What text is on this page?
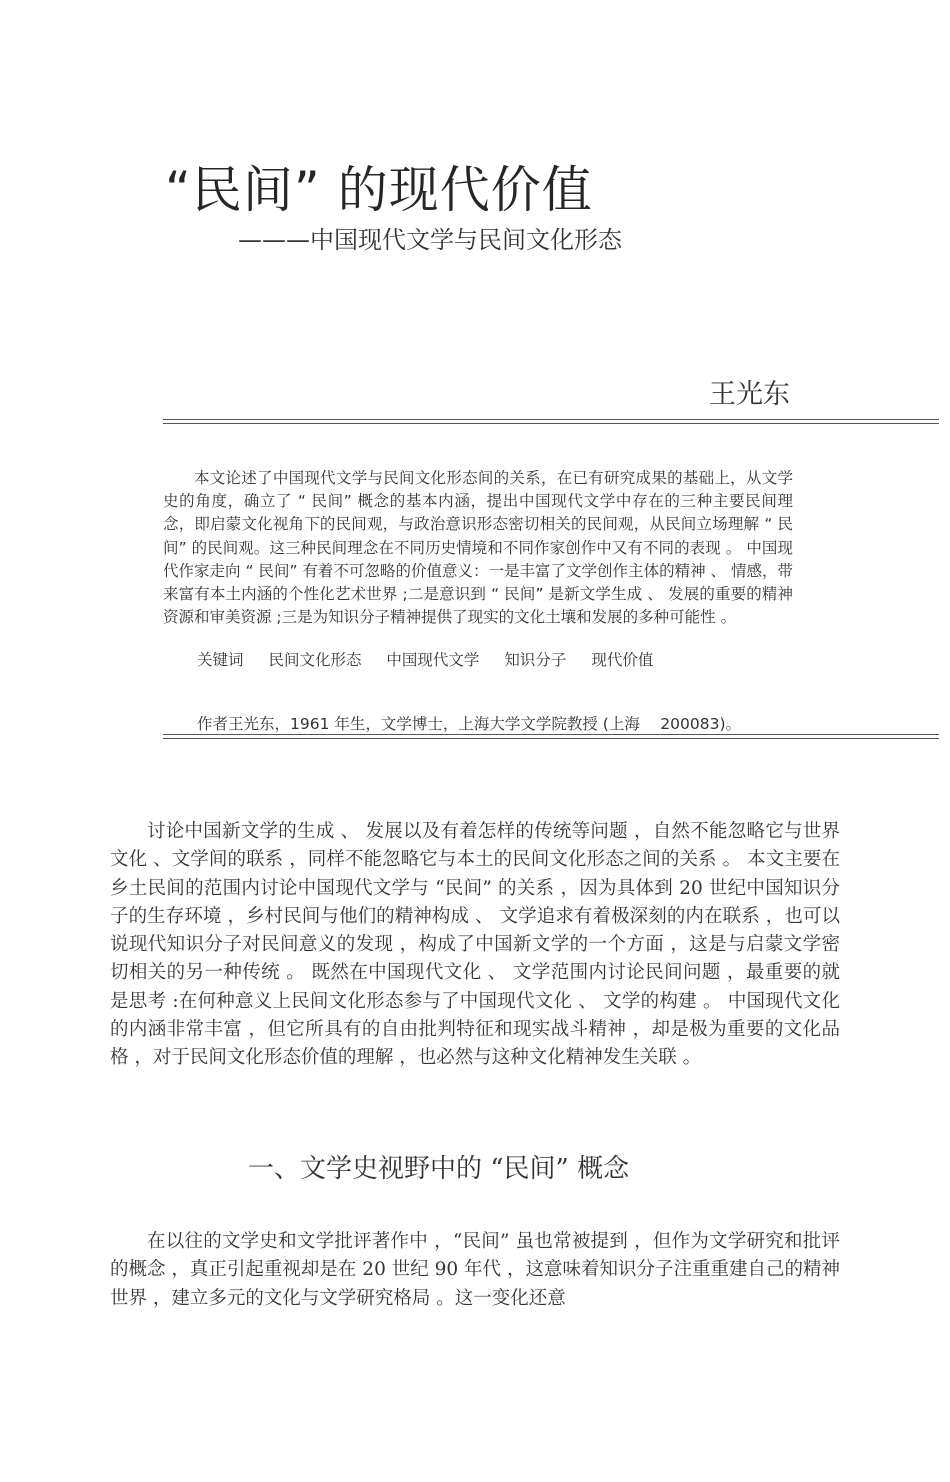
“民间” 的现代价值
———中国现代文学与民间文化形态
王光东

本文论述了中国现代文学与民间文化形态间的关系，在已有研究成果的基础上，从文学史的角度，确立了 “ 民间” 概念的基本内涵，提出中国现代文学中存在的三种主要民间理念，即启蒙文化视角下的民间观，与政治意识形态密切相关的民间观，从民间立场理解 “ 民间” 的民间观。这三种民间理念在不同历史情境和不同作家创作中又有不同的表现 。 中国现代作家走向 “ 民间” 有着不可忽略的价值意义：一是丰富了文学创作主体的精神 、 情感，带来富有本土内涵的个性化艺术世界 ;二是意识到 “ 民间” 是新文学生成 、 发展的重要的精神资源和审美资源 ;三是为知识分子精神提供了现实的文化土壤和发展的多种可能性 。

关键词 民间文化形态 中国现代文学 知识分子 现代价值
作者王光东，1961 年生，文学博士，上海大学文学院教授 (上海　 200083)。

讨论中国新文学的生成 、 发展以及有着怎样的传统等问题 ，自然不能忽略它与世界文化 、文学间的联系 ，同样不能忽略它与本土的民间文化形态之间的关系 。 本文主要在乡土民间的范围内讨论中国现代文学与 “民间” 的关系 ，因为具体到 20 世纪中国知识分子的生存环境 ，乡村民间与他们的精神构成 、 文学追求有着极深刻的内在联系 ，也可以说现代知识分子对民间意义的发现 ，构成了中国新文学的一个方面 ，这是与启蒙文学密切相关的另一种传统 。 既然在中国现代文化 、 文学范围内讨论民间问题 ，最重要的就是思考 :在何种意义上民间文化形态参与了中国现代文化 、 文学的构建 。 中国现代文化的内涵非常丰富 ，但它所具有的自由批判特征和现实战斗精神 ，却是极为重要的文化品格 ，对于民间文化形态价值的理解 ，也必然与这种文化精神发生关联 。

一、文学史视野中的 “民间” 概念

在以往的文学史和文学批评著作中 ，“民间” 虽也常被提到 ，但作为文学研究和批评的概念 ，真正引起重视却是在 20 世纪 90 年代 ，这意味着知识分子注重重建自己的精神世界 ，建立多元的文化与文学研究格局 。这一变化还意
